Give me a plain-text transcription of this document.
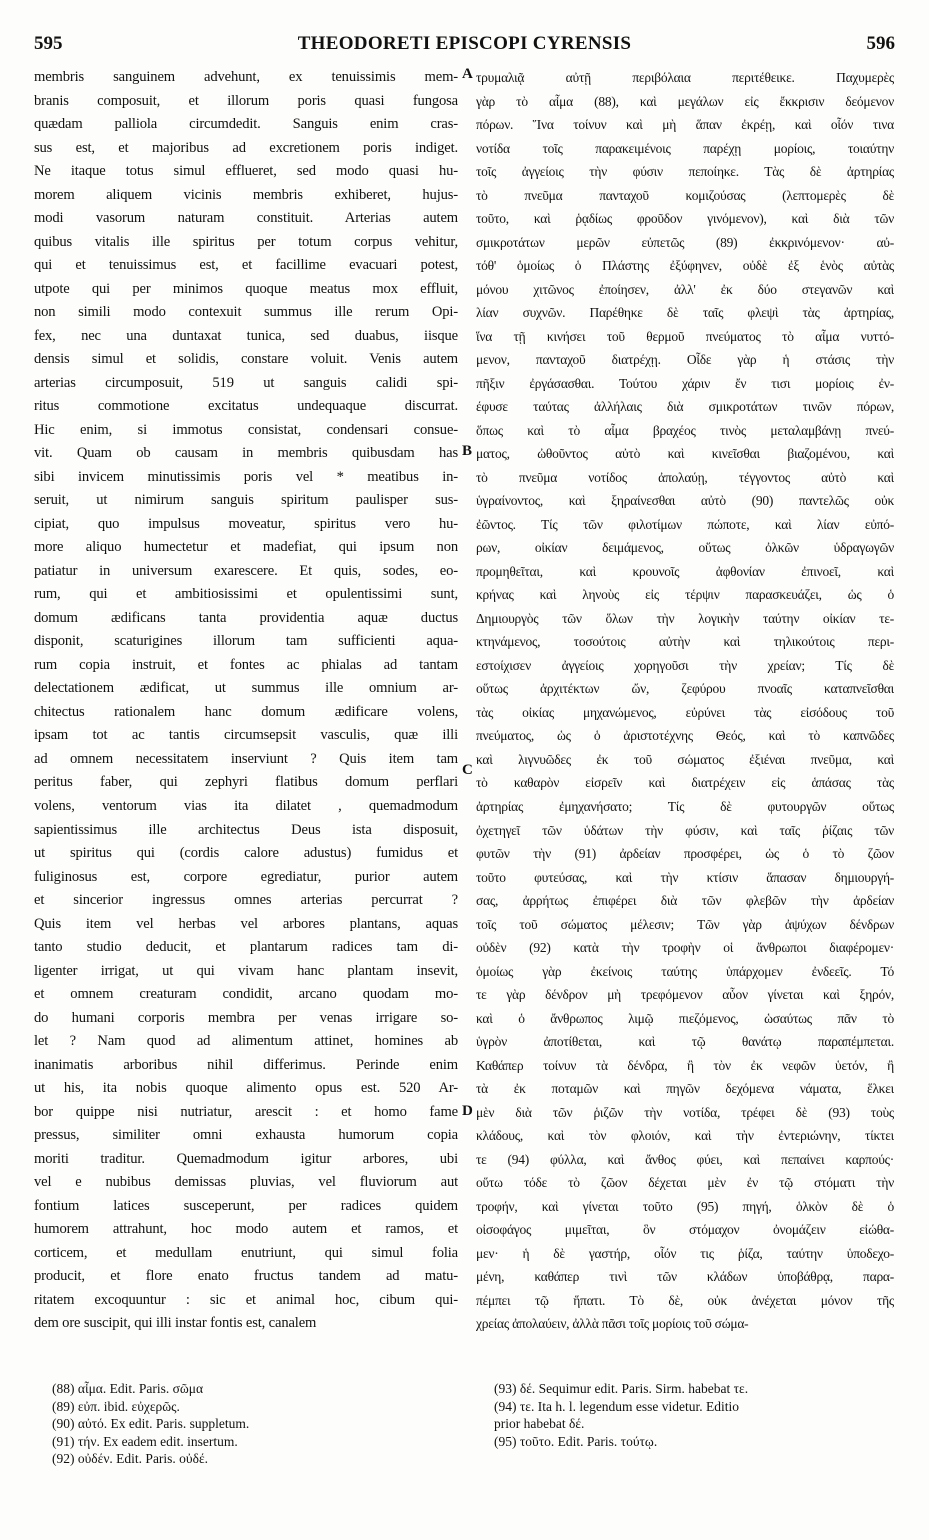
595	THEODORETI EPISCOPI CYRENSIS	596
membris sanguinem advehunt, ex tenuissimis mem-
branis composuit, et illorum poris quasi fungosa
quædam palliola circumdedit. Sanguis enim cras-
sus est, et majoribus ad excretionem poris indiget.
Ne itaque totus simul efflueret, sed modo quasi hu-
morem aliquem vicinis membris exhiberet, hujus-
modi vasorum naturam constituit. Arterias autem
quibus vitalis ille spiritus per totum corpus vehitur,
qui et tenuissimus est, et facillime evacuari potest,
utpote qui per minimos quoque meatus mox effluit,
non simili modo contexuit summus ille rerum Opi-
fex, nec una duntaxat tunica, sed duabus, iisque
densis simul et solidis, constare voluit. Venis autem
arterias circumposuit, 519 ut sanguis calidi spi-
ritus commotione excitatus undequaque discurrat.
Hic enim, si immotus consistat, condensari consue-
vit. Quam ob causam in membris quibusdam has
sibi invicem minutissimis poris vel * meatibus in-
seruit, ut nimirum sanguis spiritum paulisper sus-
cipiat, quo impulsus moveatur, spiritus vero hu-
more aliquo humectetur et madefiat, qui ipsum non
patiatur in universum exarescere. Et quis, sodes, eo-
rum, qui et ambitiosissimi et opulentissimi sunt,
domum ædificans tanta providentia aquæ ductus
disponit, scaturigines illorum tam sufficienti aqua-
rum copia instruit, et fontes ac phialas ad tantam
delectationem ædificat, ut summus ille omnium ar-
chitectus rationalem hanc domum ædificare volens,
ipsam tot ac tantis circumsepsit vasculis, quæ illi
ad omnem necessitatem inserviunt ? Quis item tam
peritus faber, qui zephyri flatibus domum perflari
volens, ventorum vias ita dilatet , quemadmodum
sapientissimus ille architectus Deus ista disposuit,
ut spiritus qui (cordis calore adustus) fumidus et
fuliginosus est, corpore egrediatur, purior autem
et sincerior ingressus omnes arterias percurrat ?
Quis item vel herbas vel arbores plantans, aquas
tanto studio deducit, et plantarum radices tam di-
ligenter irrigat, ut qui vivam hanc plantam insevit,
et omnem creaturam condidit, arcano quodam mo-
do humani corporis membra per venas irrigare so-
let ? Nam quod ad alimentum attinet, homines ab
inanimatis arboribus nihil differimus. Perinde enim
ut his, ita nobis quoque alimento opus est. 520 Ar-
bor quippe nisi nutriatur, arescit : et homo fame
pressus, similiter omni exhausta humorum copia
moriti traditur. Quemadmodum igitur arbores, ubi
vel e nubibus demissas pluvias, vel fluviorum aut
fontium latices susceperunt, per radices quidem
humorem attrahunt, hoc modo autem et ramos, et
corticem, et medullam enutriunt, qui simul folia
producit, et flore enato fructus tandem ad matu-
ritatem excoquuntur : sic et animal hoc, cibum qui-
dem ore suscipit, qui illi instar fontis est, canalem
τρυμαλιᾷ αὐτῇ περιβόλαια περιτέθεικε. Παχυμερὲς
γὰρ τὸ αἷμα (88), καὶ μεγάλων εἰς ἔκκρισιν δεόμενον
πόρων. Ἵνα τοίνυν καὶ μὴ ἅπαν ἐκρέῃ, καὶ οἷόν τινα
νοτίδα τοῖς παρακειμένοις παρέχῃ μορίοις, τοιαύτην
τοῖς ἀγγείοις τὴν φύσιν πεποίηκε. Τὰς δὲ ἀρτηρίας
τὸ πνεῦμα πανταχοῦ κομιζούσας (λεπτομερὲς δὲ
τοῦτο, καὶ ῥᾳδίως φροῦδον γινόμενον), καὶ διὰ τῶν
σμικροτάτων μερῶν εὐπετῶς (89) ἐκκρινόμενον· αὐ-
τόθ' ὁμοίως ὁ Πλάστης ἐξύφηνεν, οὐδὲ ἐξ ἑνὸς αὐτὰς
μόνου χιτῶνος ἐποίησεν, ἀλλ' ἐκ δύο στεγανῶν καὶ
λίαν συχνῶν. Παρέθηκε δὲ ταῖς φλεψὶ τὰς ἀρτηρίας,
ἵνα τῇ κινήσει τοῦ θερμοῦ πνεύματος τὸ αἷμα νυττό-
μενον, πανταχοῦ διατρέχῃ. Οἶδε γὰρ ἡ στάσις τὴν
πῆξιν ἐργάσασθαι. Τούτου χάριν ἔν τισι μορίοις ἐν-
έφυσε ταύτας ἀλλήλαις διὰ σμικροτάτων τινῶν πόρων,
ὅπως καὶ τὸ αἷμα βραχέος τινὸς μεταλαμβάνῃ πνεύ-
ματος, ὠθοῦντος αὐτὸ καὶ κινεῖσθαι βιαζομένου, καὶ
τὸ πνεῦμα νοτίδος ἀπολαύῃ, τέγγοντος αὐτὸ καὶ
ὑγραίνοντος, καὶ ξηραίνεσθαι αὐτὸ (90) παντελῶς οὐκ
ἐῶντος. Τίς τῶν φιλοτίμων πώποτε, καὶ λίαν εὐπό-
ρων, οἰκίαν δειμάμενος, οὕτως ὀλκῶν ὑδραγωγῶν
προμηθεῖται, καὶ κρουνοῖς ἀφθονίαν ἐπινοεῖ, καὶ
κρήνας καὶ ληνοὺς εἰς τέρψιν παρασκευάζει, ὡς ὁ
Δημιουργὸς τῶν ὅλων τὴν λογικὴν ταύτην οἰκίαν τε-
κτηνάμενος, τοσούτοις αὐτὴν καὶ τηλικούτοις περι-
εστοίχισεν ἀγγείοις χορηγοῦσι τὴν χρείαν; Τίς δὲ
οὕτως ἀρχιτέκτων ὤν, ζεφύρου πνοαῖς καταπνεῖσθαι
τὰς οἰκίας μηχανώμενος, εὐρύνει τὰς εἰσόδους τοῦ
πνεύματος, ὡς ὁ ἀριστοτέχνης Θεός, καὶ τὸ καπνῶδες
καὶ λιγνυῶδες ἐκ τοῦ σώματος ἐξιέναι πνεῦμα, καὶ
τὸ καθαρὸν εἰσρεῖν καὶ διατρέχειν εἰς ἁπάσας τὰς
ἀρτηρίας ἐμηχανήσατο; Τίς δὲ φυτουργῶν οὕτως
ὀχετηγεῖ τῶν ὑδάτων τὴν φύσιν, καὶ ταῖς ῥίζαις τῶν
φυτῶν τὴν (91) ἀρδείαν προσφέρει, ὡς ὁ τὸ ζῶον
τοῦτο φυτεύσας, καὶ τὴν κτίσιν ἅπασαν δημιουργή-
σας, ἀρρήτως ἐπιφέρει διὰ τῶν φλεβῶν τὴν ἀρδείαν
τοῖς τοῦ σώματος μέλεσιν; Τῶν γὰρ ἀψύχων δένδρων
οὐδὲν (92) κατὰ τὴν τροφὴν οἱ ἄνθρωποι διαφέρομεν·
ὁμοίως γὰρ ἐκείνοις ταύτης ὑπάρχομεν ἐνδεεῖς. Τό
τε γὰρ δένδρον μὴ τρεφόμενον αὖον γίνεται καὶ ξηρόν,
καὶ ὁ ἄνθρωπος λιμῷ πιεζόμενος, ὡσαύτως πᾶν τὸ
ὑγρὸν ἀποτίθεται, καὶ τῷ θανάτῳ παραπέμπεται.
Καθάπερ τοίνυν τὰ δένδρα, ἢ τὸν ἐκ νεφῶν ὑετόν, ἢ
τὰ ἐκ ποταμῶν καὶ πηγῶν δεχόμενα νάματα, ἕλκει
μὲν διὰ τῶν ῥιζῶν τὴν νοτίδα, τρέφει δὲ (93) τοὺς
κλάδους, καὶ τὸν φλοιόν, καὶ τὴν ἐντεριώνην, τίκτει
τε (94) φύλλα, καὶ ἄνθος φύει, καὶ πεπαίνει καρπούς·
οὕτω τόδε τὸ ζῶον δέχεται μὲν ἐν τῷ στόματι τὴν
τροφήν, καὶ γίνεται τοῦτο (95) πηγή, ὁλκὸν δὲ ὁ
οἰσοφάγος μιμεῖται, ὃν στόμαχον ὀνομάζειν εἰώθα-
μεν· ἡ δὲ γαστήρ, οἷόν τις ῥίζα, ταύτην ὑποδεχο-
μένη, καθάπερ τινὶ τῶν κλάδων ὑποβάθρᾳ, παρα-
πέμπει τῷ ἥπατι. Τὸ δὲ, οὐκ ἀνέχεται μόνον τῆς
χρείας ἀπολαύειν, ἀλλὰ πᾶσι τοῖς μορίοις τοῦ σώμα-
A
B
C
D
(88) αἷμα. Edit. Paris. σῶμα
(89) εὐπ. ibid. εὐχερῶς.
(90) αὐτό. Ex edit. Paris. suppletum.
(91) τήν. Ex eadem edit. insertum.
(92) οὐδέν. Edit. Paris. οὐδέ.
(93) δέ. Sequimur edit. Paris. Sirm. habebat τε.
(94) τε. Ita h. l. legendum esse videtur. Editio
prior habebat δέ.
(95) τοῦτο. Edit. Paris. τούτῳ.
